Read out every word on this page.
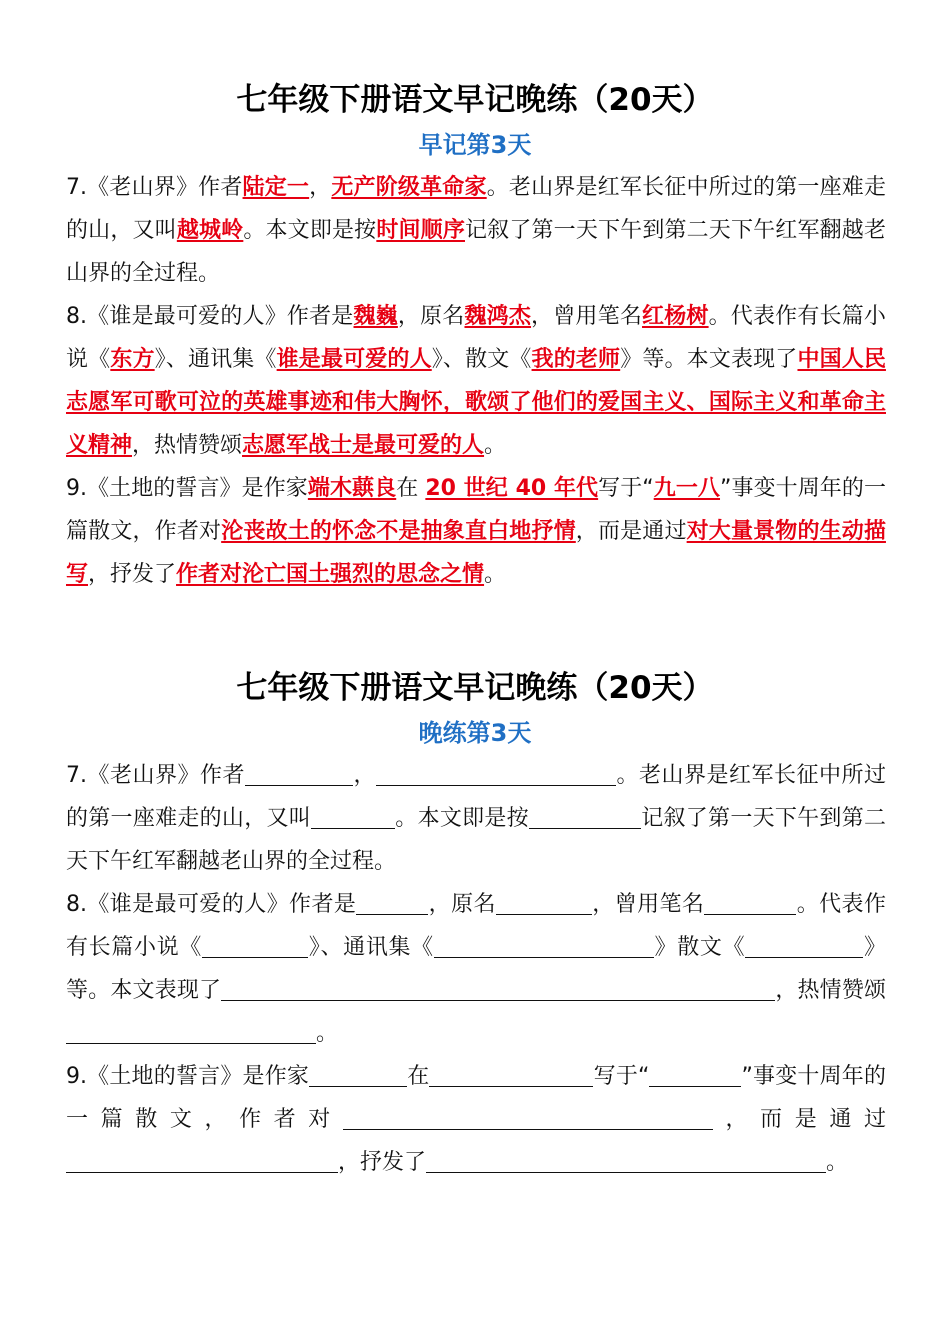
七年级下册语文早记晚练（20天）
早记第3天

7.《老山界》作者陆定一，无产阶级革命家。老山界是红军长征中所过的第一座难走的山，又叫越城岭。本文即是按时间顺序记叙了第一天下午到第二天下午红军翻越老山界的全过程。

8.《谁是最可爱的人》作者是魏巍，原名魏鸿杰，曾用笔名红杨树。代表作有长篇小说《东方》、通讯集《谁是最可爱的人》、散文《我的老师》等。本文表现了中国人民志愿军可歌可泣的英雄事迹和伟大胸怀，歌颂了他们的爱国主义、国际主义和革命主义精神，热情赞颂志愿军战士是最可爱的人。

9.《土地的誓言》是作家端木蕻良在 20 世纪 40 年代写于“九一八”事变十周年的一篇散文，作者对沦丧故土的怀念不是抽象直白地抒情，而是通过对大量景物的生动描写，抒发了作者对沦亡国土强烈的思念之情。

七年级下册语文早记晚练（20天）
晚练第3天

7.《老山界》作者	，	。老山界是红军长征中所过的第一座难走的山，又叫	。本文即是按	记叙了第一天下午到第二天下午红军翻越老山界的全过程。

8.《谁是最可爱的人》作者是	，原名	，曾用笔名	。代表作有长篇小说《	》、通讯集《	》散文《	》等。本文表现了	，热情赞颂。

9.《土地的誓言》是作家	在	写于“	”事变十周年的一篇散文，作者对	，而是通过，抒发了	。
